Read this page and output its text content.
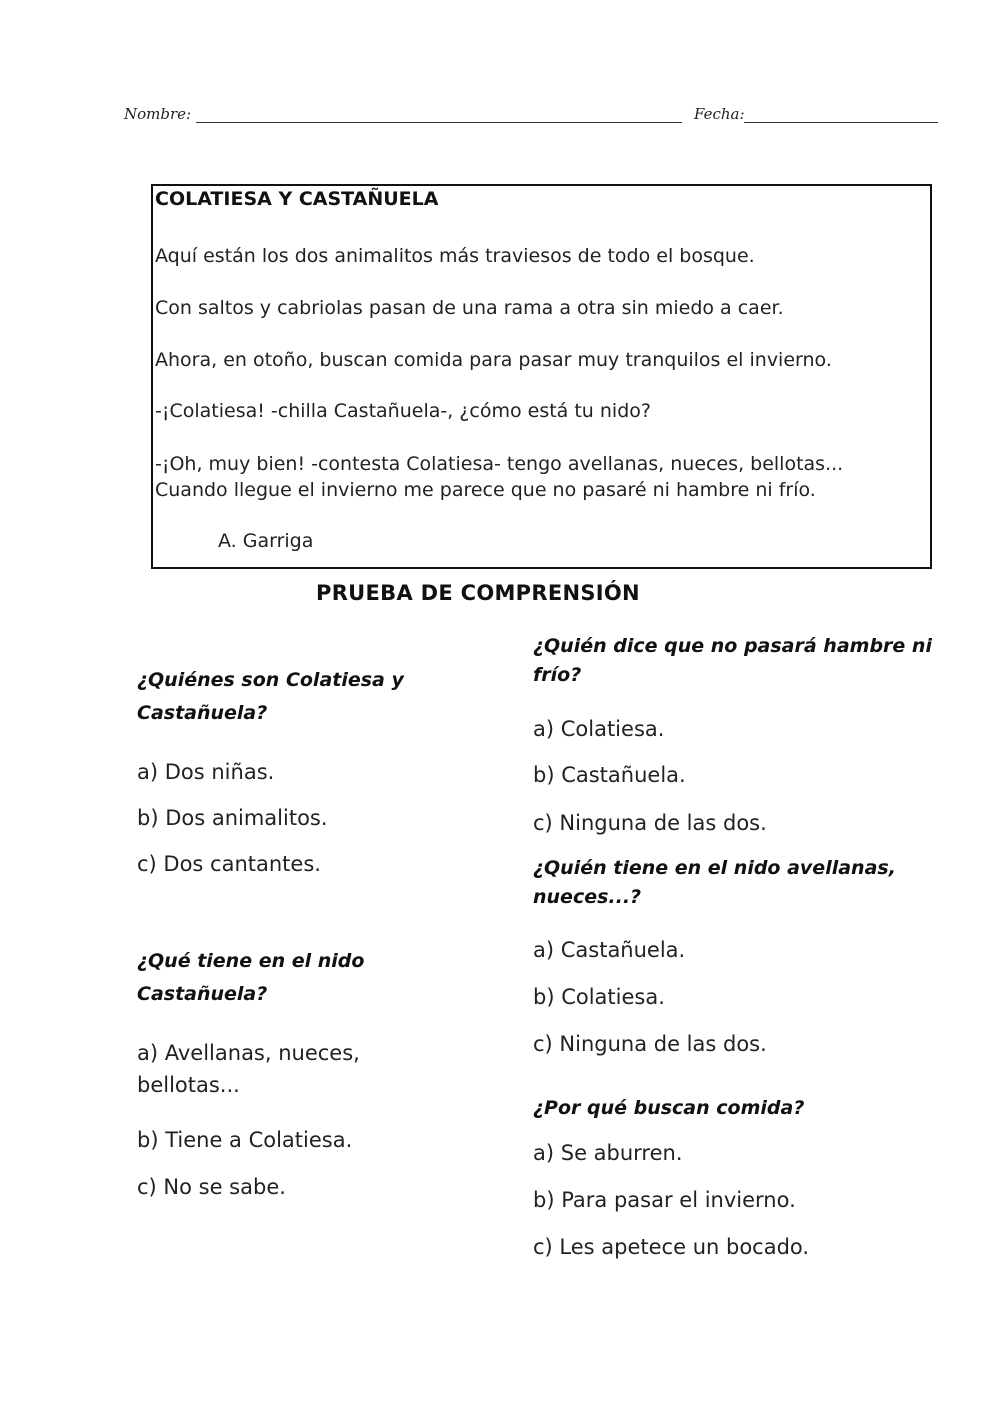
Nombre:	Fecha:
COLATIESA Y CASTAÑUELA
Aquí están los dos animalitos más traviesos de todo el bosque.
Con saltos y cabriolas pasan de una rama a otra sin miedo a caer.
Ahora, en otoño, buscan comida para pasar muy tranquilos el invierno.
-¡Colatiesa! -chilla Castañuela-, ¿cómo está tu nido?
-¡Oh, muy bien! -contesta Colatiesa- tengo avellanas, nueces, bellotas...
Cuando llegue el invierno me parece que no pasaré ni hambre ni frío.
A. Garriga
PRUEBA DE COMPRENSIÓN
¿Quiénes son Colatiesa y Castañuela?
a) Dos niñas.
b) Dos animalitos.
c) Dos cantantes.
¿Qué tiene en el nido Castañuela?
a) Avellanas, nueces, bellotas...
b) Tiene a Colatiesa.
c) No se sabe.
¿Quién dice que no pasará hambre ni frío?
a) Colatiesa.
b) Castañuela.
c) Ninguna de las dos.
¿Quién tiene en el nido avellanas, nueces...?
a) Castañuela.
b) Colatiesa.
c) Ninguna de las dos.
¿Por qué buscan comida?
a) Se aburren.
b) Para pasar el invierno.
c) Les apetece un bocado.
